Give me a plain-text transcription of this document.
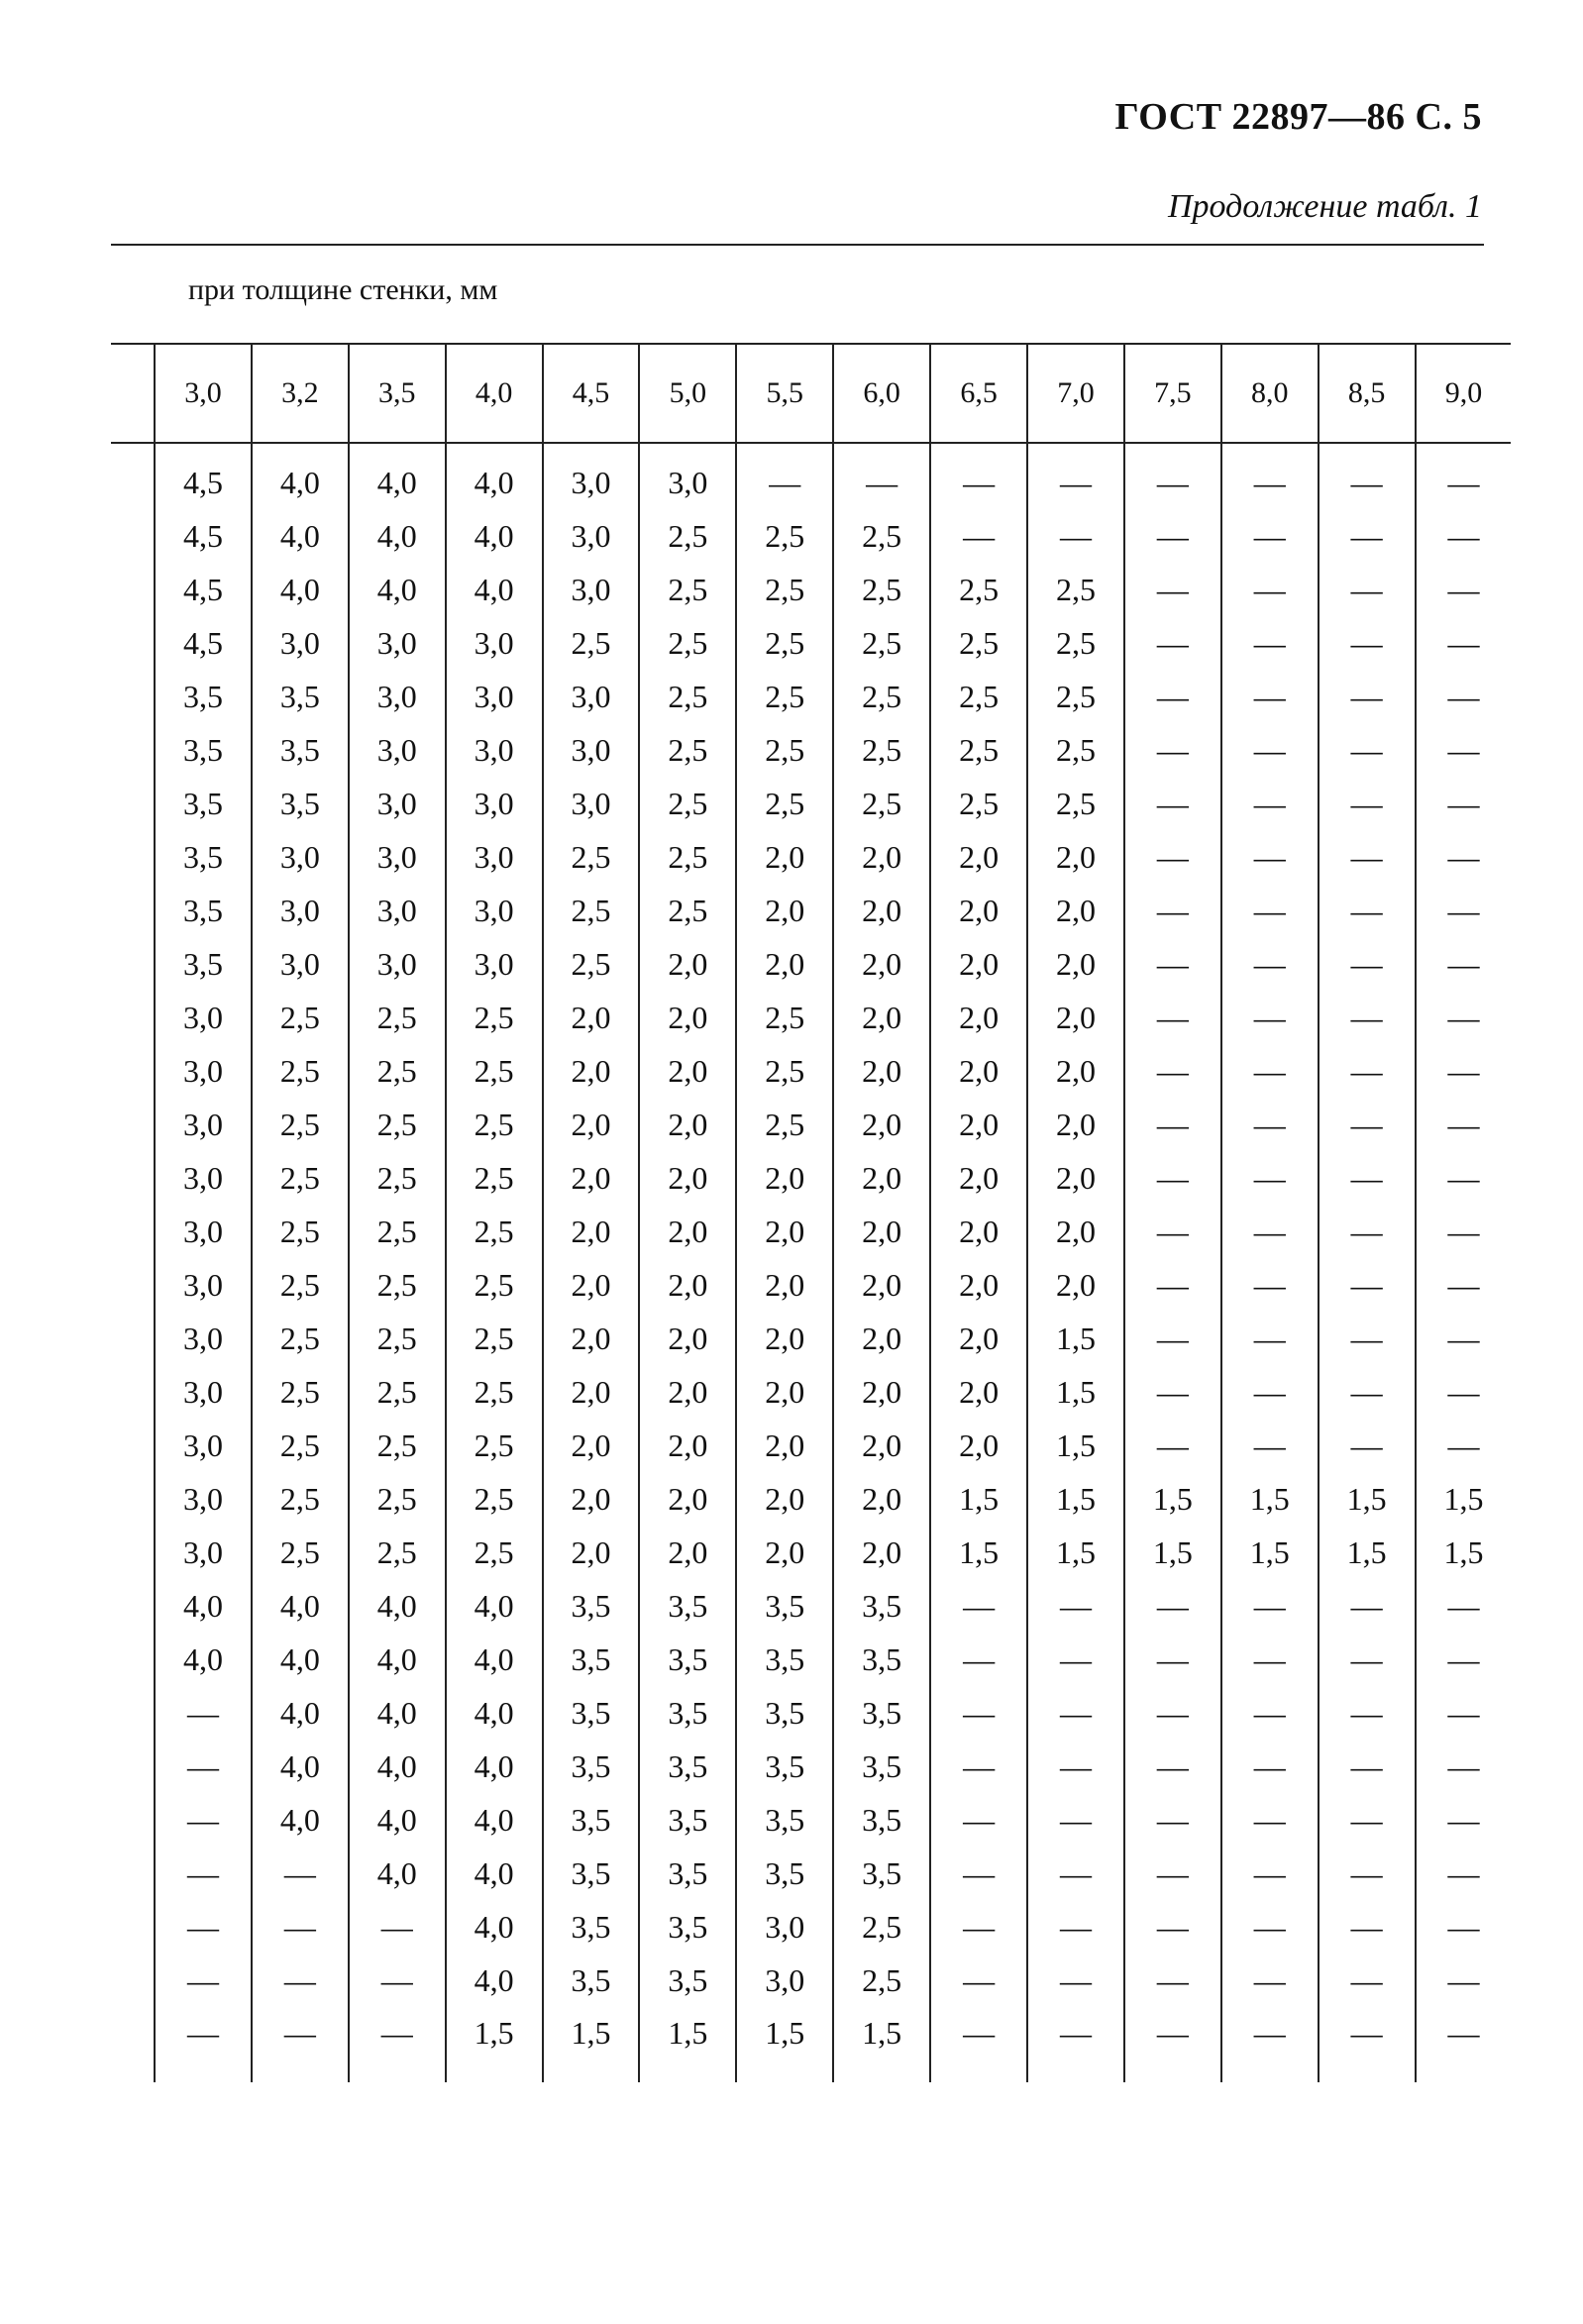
ГОСТ 22897—86 С. 5
Продолжение табл. 1
при толщине стенки, мм
3,0	3,2	3,5	4,0	4,5	5,0	5,5	6,0	6,5	7,0	7,5	8,0	8,5	9,0
4,5	4,0	4,0	4,0	3,0	3,0	—	—	—	—	—	—	—	—
4,5	4,0	4,0	4,0	3,0	2,5	2,5	2,5	—	—	—	—	—	—
4,5	4,0	4,0	4,0	3,0	2,5	2,5	2,5	2,5	2,5	—	—	—	—
4,5	3,0	3,0	3,0	2,5	2,5	2,5	2,5	2,5	2,5	—	—	—	—
3,5	3,5	3,0	3,0	3,0	2,5	2,5	2,5	2,5	2,5	—	—	—	—
3,5	3,5	3,0	3,0	3,0	2,5	2,5	2,5	2,5	2,5	—	—	—	—
3,5	3,5	3,0	3,0	3,0	2,5	2,5	2,5	2,5	2,5	—	—	—	—
3,5	3,0	3,0	3,0	2,5	2,5	2,0	2,0	2,0	2,0	—	—	—	—
3,5	3,0	3,0	3,0	2,5	2,5	2,0	2,0	2,0	2,0	—	—	—	—
3,5	3,0	3,0	3,0	2,5	2,0	2,0	2,0	2,0	2,0	—	—	—	—
3,0	2,5	2,5	2,5	2,0	2,0	2,5	2,0	2,0	2,0	—	—	—	—
3,0	2,5	2,5	2,5	2,0	2,0	2,5	2,0	2,0	2,0	—	—	—	—
3,0	2,5	2,5	2,5	2,0	2,0	2,5	2,0	2,0	2,0	—	—	—	—
3,0	2,5	2,5	2,5	2,0	2,0	2,0	2,0	2,0	2,0	—	—	—	—
3,0	2,5	2,5	2,5	2,0	2,0	2,0	2,0	2,0	2,0	—	—	—	—
3,0	2,5	2,5	2,5	2,0	2,0	2,0	2,0	2,0	2,0	—	—	—	—
3,0	2,5	2,5	2,5	2,0	2,0	2,0	2,0	2,0	1,5	—	—	—	—
3,0	2,5	2,5	2,5	2,0	2,0	2,0	2,0	2,0	1,5	—	—	—	—
3,0	2,5	2,5	2,5	2,0	2,0	2,0	2,0	2,0	1,5	—	—	—	—
3,0	2,5	2,5	2,5	2,0	2,0	2,0	2,0	1,5	1,5	1,5	1,5	1,5	1,5
3,0	2,5	2,5	2,5	2,0	2,0	2,0	2,0	1,5	1,5	1,5	1,5	1,5	1,5
4,0	4,0	4,0	4,0	3,5	3,5	3,5	3,5	—	—	—	—	—	—
4,0	4,0	4,0	4,0	3,5	3,5	3,5	3,5	—	—	—	—	—	—
—	4,0	4,0	4,0	3,5	3,5	3,5	3,5	—	—	—	—	—	—
—	4,0	4,0	4,0	3,5	3,5	3,5	3,5	—	—	—	—	—	—
—	4,0	4,0	4,0	3,5	3,5	3,5	3,5	—	—	—	—	—	—
—	—	4,0	4,0	3,5	3,5	3,5	3,5	—	—	—	—	—	—
—	—	—	4,0	3,5	3,5	3,0	2,5	—	—	—	—	—	—
—	—	—	4,0	3,5	3,5	3,0	2,5	—	—	—	—	—	—
—	—	—	1,5	1,5	1,5	1,5	1,5	—	—	—	—	—	—
